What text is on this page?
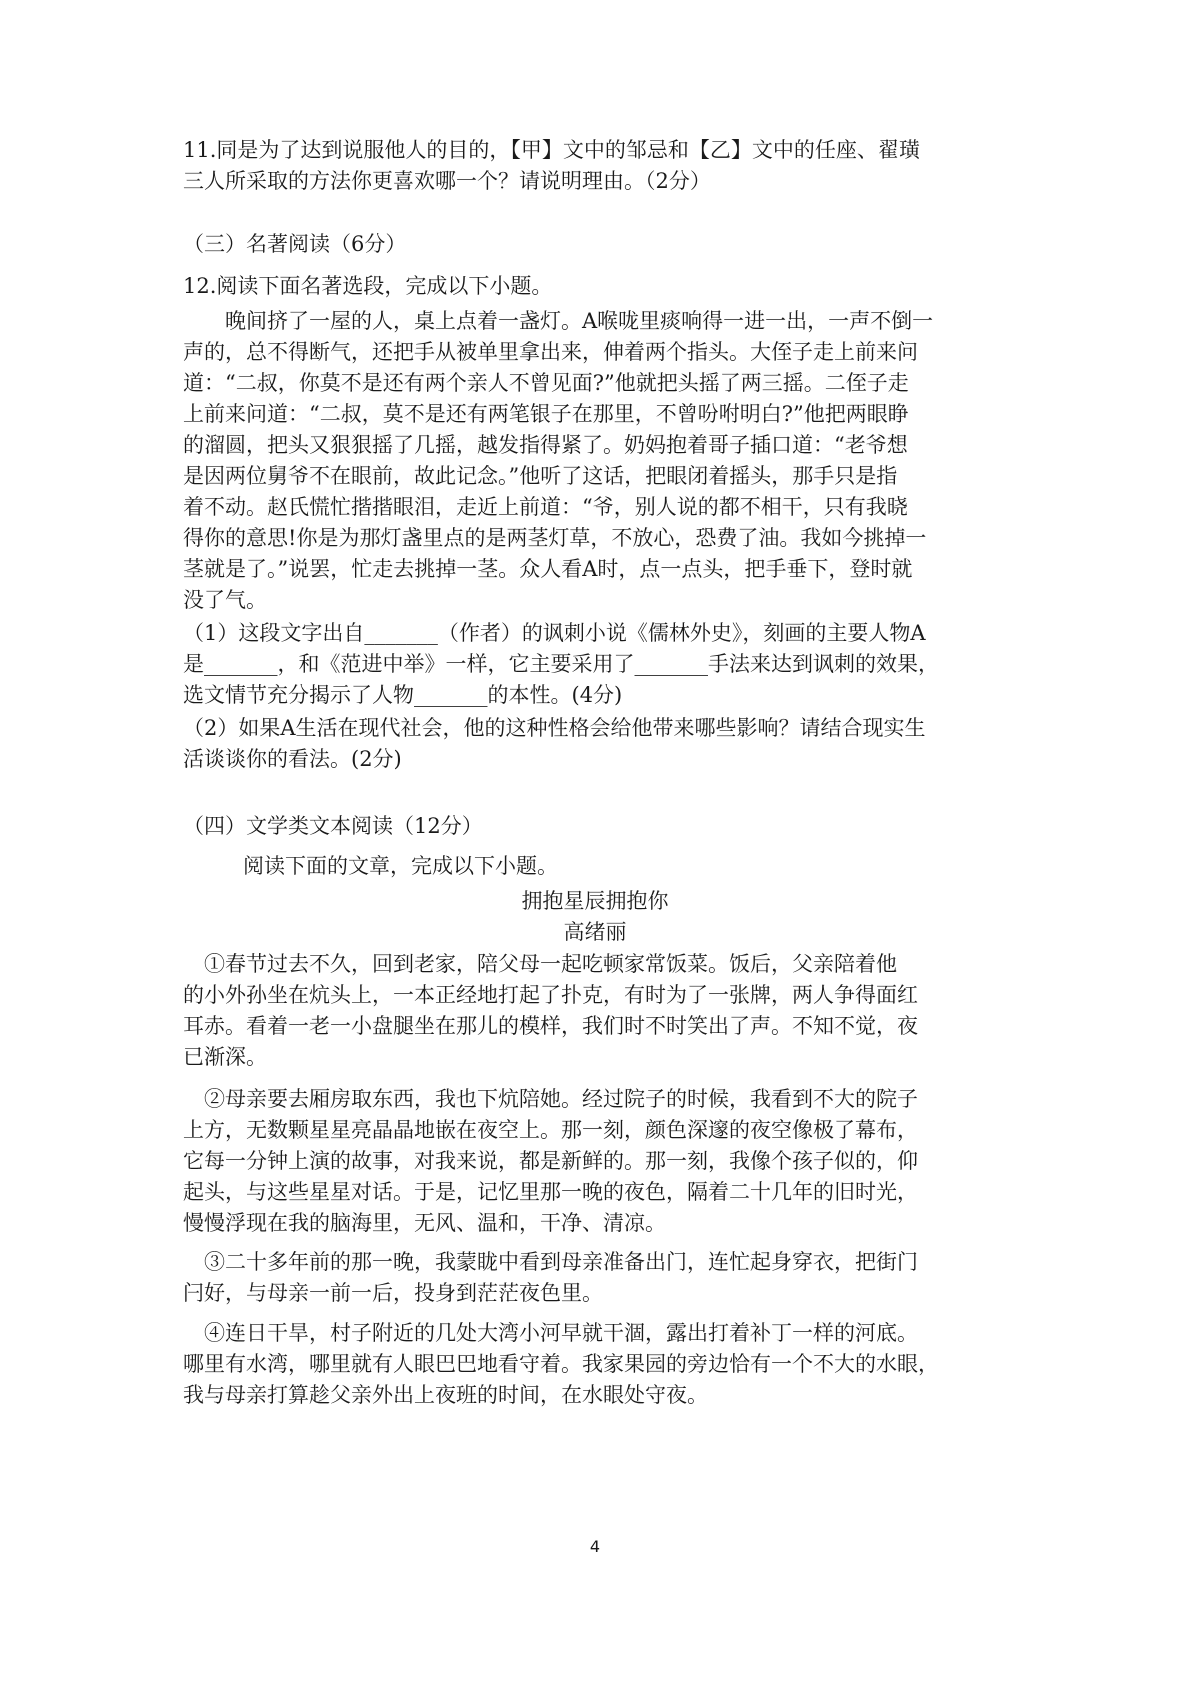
11.同是为了达到说服他人的目的，【甲】文中的邹忌和【乙】文中的任座、翟璜
三人所采取的方法你更喜欢哪一个？请说明理由。（2分）
（三）名著阅读（6分）
12.阅读下面名著选段，完成以下小题。
　　晚间挤了一屋的人，桌上点着一盏灯。A喉咙里痰响得一进一出，一声不倒一
声的，总不得断气，还把手从被单里拿出来，伸着两个指头。大侄子走上前来问
道：“二叔，你莫不是还有两个亲人不曾见面?”他就把头摇了两三摇。二侄子走
上前来问道：“二叔，莫不是还有两笔银子在那里，不曾吩咐明白?”他把两眼睁
的溜圆，把头又狠狠摇了几摇，越发指得紧了。奶妈抱着哥子插口道：“老爷想
是因两位舅爷不在眼前，故此记念。”他听了这话，把眼闭着摇头，那手只是指
着不动。赵氏慌忙揩揩眼泪，走近上前道：“爷，别人说的都不相干，只有我晓
得你的意思!你是为那灯盏里点的是两茎灯草，不放心，恐费了油。我如今挑掉一
茎就是了。”说罢，忙走去挑掉一茎。众人看A时，点一点头，把手垂下，登时就
没了气。
（1）这段文字出自_______（作者）的讽刺小说《儒林外史》，刻画的主要人物A
是_______，和《范进中举》一样，它主要采用了_______手法来达到讽刺的效果，
选文情节充分揭示了人物_______的本性。(4分)
（2）如果A生活在现代社会，他的这种性格会给他带来哪些影响？请结合现实生
活谈谈你的看法。(2分)
（四）文学类文本阅读（12分）
阅读下面的文章，完成以下小题。
拥抱星辰拥抱你
高绪丽
　①春节过去不久，回到老家，陪父母一起吃顿家常饭菜。饭后，父亲陪着他
的小外孙坐在炕头上，一本正经地打起了扑克，有时为了一张牌，两人争得面红
耳赤。看着一老一小盘腿坐在那儿的模样，我们时不时笑出了声。不知不觉，夜
已渐深。
　②母亲要去厢房取东西，我也下炕陪她。经过院子的时候，我看到不大的院子
上方，无数颗星星亮晶晶地嵌在夜空上。那一刻，颜色深邃的夜空像极了幕布，
它每一分钟上演的故事，对我来说，都是新鲜的。那一刻，我像个孩子似的，仰
起头，与这些星星对话。于是，记忆里那一晚的夜色，隔着二十几年的旧时光，
慢慢浮现在我的脑海里，无风、温和，干净、清凉。
　③二十多年前的那一晚，我蒙眬中看到母亲准备出门，连忙起身穿衣，把街门
闩好，与母亲一前一后，投身到茫茫夜色里。
　④连日干旱，村子附近的几处大湾小河早就干涸，露出打着补丁一样的河底。
哪里有水湾，哪里就有人眼巴巴地看守着。我家果园的旁边恰有一个不大的水眼，
我与母亲打算趁父亲外出上夜班的时间，在水眼处守夜。
4
